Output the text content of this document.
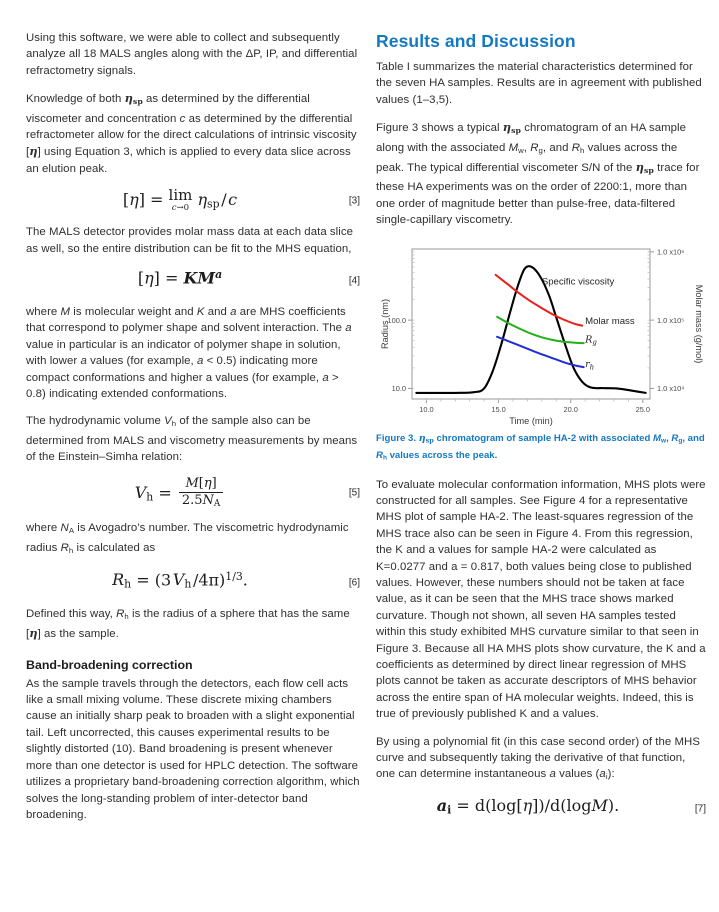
Using this software, we were able to collect and subse​quently analyze all 18 MALS angles along with the ΔP, IP, and differential refractometry signals.

Knowledge of both $\eta_{sp}$ as determined by the differential viscometer and concentration c as determined by the differential refractometer allow for the direct calculations of intrinsic viscosity [η] using Equation 3, which is applied to every data slice across an elution peak.

[η] = lim
c→0 $\eta_{sp}$ / c	[3]

The MALS detector provides molar mass data at each data slice as well, so the entire distribution can be fit to the MHS equation,

$[\eta] = KM^a$	[4]

where M is molecular weight and K and a are MHS coeffi​cients that correspond to polymer shape and solvent interaction. The a value in particular is an indicator of polymer shape in solution, with lower a values (for exam​ple, a < 0.5) indicating more compact conformations and higher a values (for example, a > 0.8) indicating extended conformations.

The hydrodynamic volume $V_h$ of the sample also can be determined from MALS and viscometry measurements by means of the Einstein–Simha relation:

$V_h = \frac{M[\eta]}{2.5N_A}$	[5]

where $N_A$ is Avogadro’s number. The viscometric hydrody​namic radius $R_h$ is calculated as

$R_h = (3$ $V_h$ /4π)$^{1/3}$.	[6]

Defined this way, $R_h$ is the radius of a sphere that has the same [η] as the sample.

Band-broadening correction

As the sample travels through the detectors, each flow cell acts like a small mixing volume. These discrete mixing chambers cause an initially sharp peak to broaden with a slight exponential tail. Left uncorrected, this causes exper​imental results to be slightly distorted (10). Band broad​ening is present whenever more than one detector is used for HPLC detection. The software utilizes a proprie​tary band-broadening correction algorithm, which solves the long-standing problem of inter-detector band broadening.

Results and Discussion

Table I summarizes the material characteristics determined for the seven HA samples. Results are in agreement with published values (1–3,5).

Figure 3 shows a typical $\eta_{sp}$ chromatogram of an HA sample along with the associated $M_w$, $R_g$, and $R_h$ values across the peak. The typical differential viscometer S/N of the $\eta_{sp}$ trace for these HA experiments was on the order of 2200:1, more than one order of magnitude better than pulse-free, data-filtered single-capillary viscometry.

10.0	15.0	20.0	25.0
100.0
10.0
1.0 x10⁶
1.0 x10⁵
1.0 x10⁴
Specific viscosity
Molar mass
$R_g$
$r_h$
Time (min)
Radius (nm)	Molar mass (g/mol)
Figure 3. $\eta_{sp}$ chromatogram of sample HA-2 with associated $M_w$, $R_g$, and $R_h$ values across the peak.

To evaluate molecular conformation information, MHS plots were constructed for all samples. See Figure 4 for a representative MHS plot of sample HA-2. The least-squares regression of the MHS trace also can be seen in Figure 4. From this regression, the K and a values for sample HA-2 were calculated as K=0.0277 and a = 0.817, both values being close to published values. However, these numbers should not be taken at face value, as it can be seen that the MHS trace shows marked curvature. Though not shown, all seven HA samples tested within this study exhibited MHS curvature similar to that seen in Figure 3. Because all HA MHS plots show curvature, the K and a coefficients as determined by direct linear regression of MHS plots cannot be taken as accurate descriptors of MHS behavior across the entire span of HA molecular weights. Indeed, this is true of previously published K and a values.

By using a polynomial fit (in this case second order) of the MHS curve and subsequently taking the derivative of that function, one can determine instantaneous a values $(a_i)$:

$a_i = d(\log[\eta])/d(\log M)$.	[7]
